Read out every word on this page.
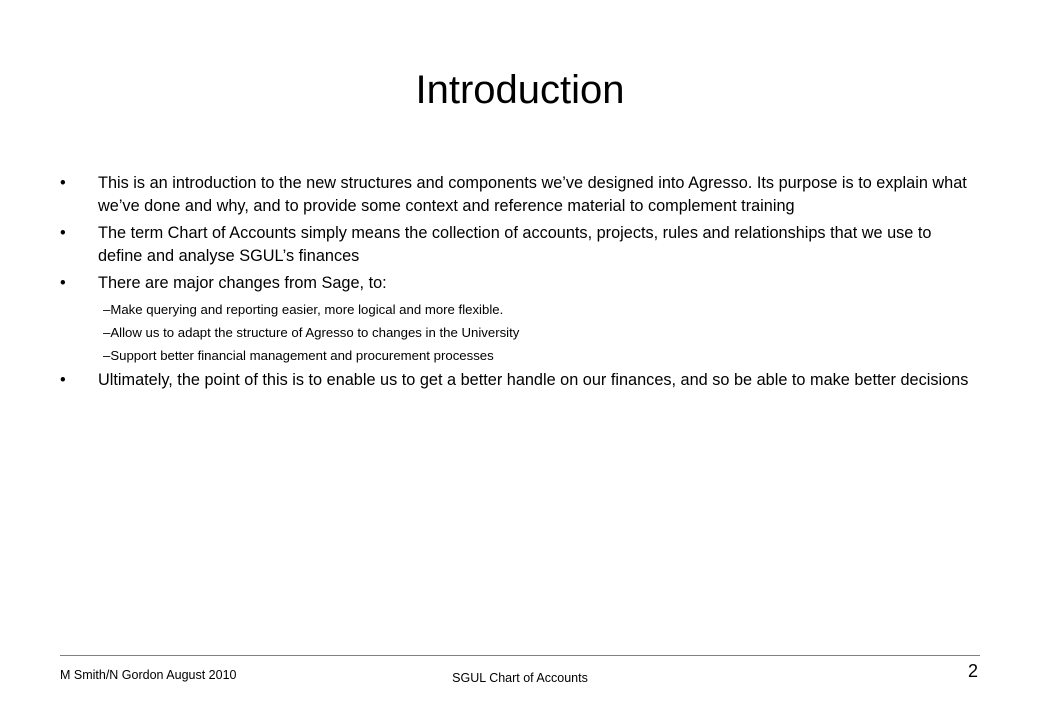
Introduction
• This is an introduction to the new structures and components we’ve designed into Agresso. Its purpose is to explain what we’ve done and why, and to provide some context and reference material to complement training
• The term Chart of Accounts simply means the collection of accounts, projects, rules and relationships that we use to define and analyse SGUL’s finances
• There are major changes from Sage, to:
–Make querying and reporting easier, more logical and more flexible.
–Allow us to adapt the structure of Agresso to changes in the University
–Support better financial management and procurement processes
• Ultimately, the point of this is to enable us to get a better handle on our finances, and so be able to make better decisions
M Smith/N Gordon August 2010	SGUL Chart of Accounts	2
